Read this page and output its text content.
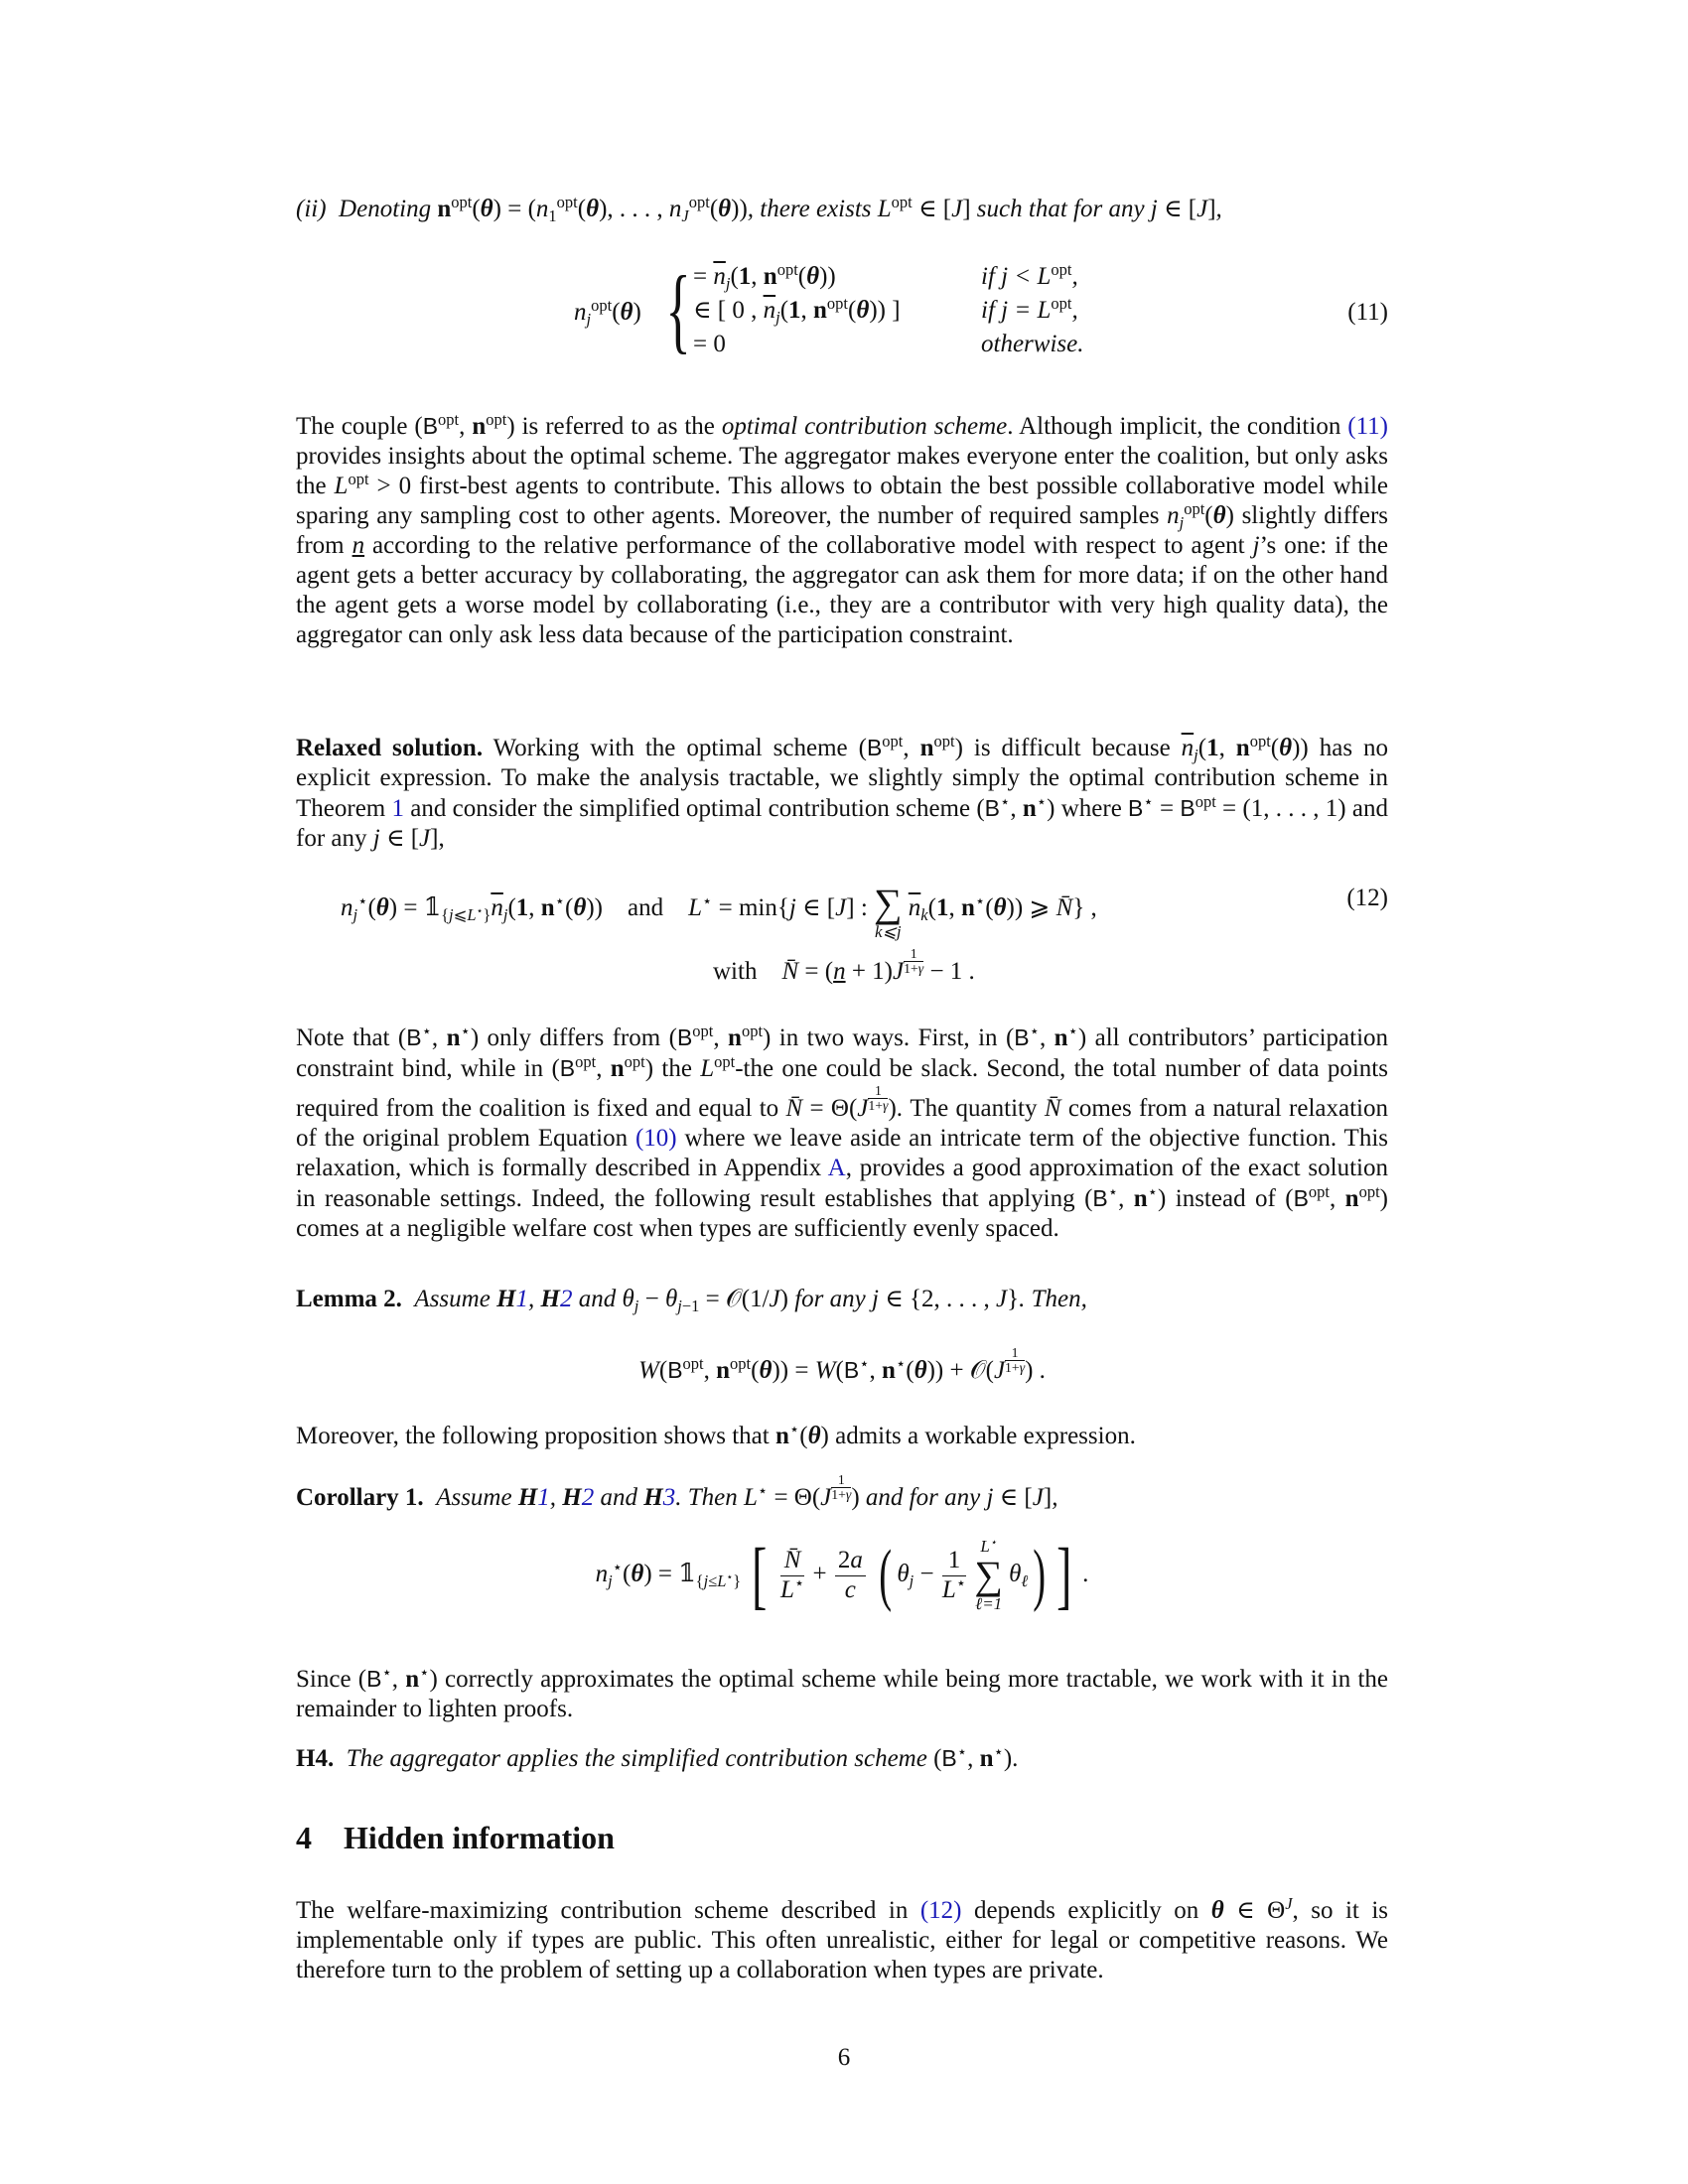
(ii) Denoting $n^{opt}(\theta) = (n_1^{opt}(\theta)$, . . . , $n_J^{opt}(\theta)$), there exists $L^{opt}$ ∈ [J] such that for any j ∈ [J],

$n_j^{opt}(\theta)$ { = $\overline{n}_j(1$, $n^{opt}(\theta)$)
∈ [ 0 , $\overline{n}_j(1$, $n^{opt}(\theta)$) ]
= 0
if $j < L^{opt}$,
if $j = L^{opt}$,
otherwise.
(11)

The couple ($B^{opt}$, $n^{opt}$) is referred to as the optimal contribution scheme. Although implicit, the condition (11) provides insights about the optimal scheme. The aggregator makes everyone enter the coalition, but only asks the $L^{opt} > 0$ first-best agents to contribute. This allows to obtain the best possible collaborative model while sparing any sampling cost to other agents. Moreover, the number of required samples $n_j^{opt}(\theta)$ slightly differs from n according to the relative performance of the collaborative model with respect to agent j’s one: if the agent gets a better accuracy by collaborating, the aggregator can ask them for more data; if on the other hand the agent gets a worse model by collaborating (i.e., they are a contributor with very high quality data), the aggregator can only ask less data because of the participation constraint.

Relaxed solution. Working with the optimal scheme ($B^{opt}$, $n^{opt}$) is difficult because $\overline{n}_j(1$, $n^{opt}(\theta)$) has no explicit expression. To make the analysis tractable, we slightly simply the optimal contribution scheme in Theorem 1 and consider the simplified optimal contribution scheme (B⋆, n⋆) where $B^⋆ = B^{opt} = (1$, . . . , 1) and for any j ∈ [J],

$n_j^⋆(\theta)$ = $𝟙_{\{j⩽L^⋆\}}\overline{n}_j(1$, n⋆(θ))    and L⋆ = min{j ∈ [J] : ∑
k⩽j
$\overline{n}_k(1$, n⋆(θ)) ⩾ N̄} ,	(12)
with N̄ = $(n + 1)J \frac{1}{1+\gamma} - 1$ .

Note that (B⋆, n⋆) only differs from ($B^{opt}$, $n^{opt}$) in two ways. First, in (B⋆, n⋆) all contributors’ participation constraint bind, while in ($B^{opt}$, $n^{opt}$) the $L^{opt}$-the one could be slack. Second, the total number of data points required from the coalition is fixed and equal to N̄ = $\Theta(J \frac{1}{1+\gamma}$ ). The quantity N̄ comes from a natural relaxation of the original problem Equation (10) where we leave aside an intricate term of the objective function. This relaxation, which is formally described in Appendix A, provides a good approximation of the exact solution in reasonable settings. Indeed, the following result establishes that applying (B⋆, n⋆) instead of ($B^{opt}$, $n^{opt}$) comes at a negligible welfare cost when types are sufficiently evenly spaced.

Lemma 2. Assume H1, H2 and $\theta_j - \theta_{j-1}$ = 𝒪(1/J) for any j ∈ {2, . . . , J}. Then,

$W(B^{opt}$, $n^{opt}(\theta)) = W(B^⋆$, n⋆(θ)) + 𝒪(J $\frac{1}{1+\gamma}$ ) .

Moreover, the following proposition shows that n⋆(θ) admits a workable expression.

Corollary 1. Assume H1, H2 and H3. Then $L^⋆ = \Theta(J \frac{1}{1+\gamma}$ ) and for any j ∈ [J],

$n_j^⋆(\theta)$ = $𝟙_{\{j\le L^⋆\}}$ [ $\frac{N̄}{L^⋆} + \frac{2a}{c}$ ( $\theta_j - \frac{1}{L^⋆}$

L⋆
∑
ℓ=1
$\theta_\ell$) ] .

Since (B⋆, n⋆) correctly approximates the optimal scheme while being more tractable, we work with it in the remainder to lighten proofs.

H4. The aggregator applies the simplified contribution scheme (B⋆, n⋆).

4 Hidden information

The welfare-maximizing contribution scheme described in (12) depends explicitly on θ ∈ $\Theta^J$, so it is implementable only if types are public. This often unrealistic, either for legal or competitive reasons. We therefore turn to the problem of setting up a collaboration when types are private.

6
